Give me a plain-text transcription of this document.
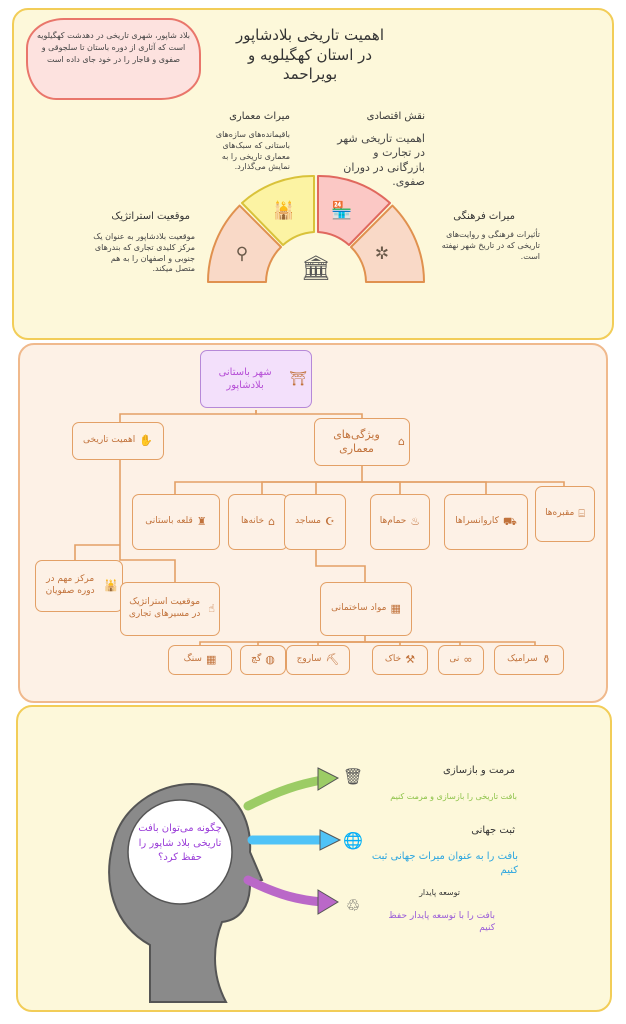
بلاد شاپور، شهری تاریخی در دهدشت کهگیلویه است که آثاری از دوره باستان تا سلجوقی و صفوی و قاجار را در خود جای داده است
اهمیت تاریخی بلادشاپور
در استان کهگیلویه و
بویراحمد
⚲
🕌 🏪
✲
🏛
موقعیت استراتژیک
موقعیت بلادشاپور به عنوان یک مرکز کلیدی تجاری که بندرهای جنوبی و اصفهان را به هم متصل میکند.
میراث معماری
باقیمانده‌های سازه‌های باستانی که سبک‌های معماری تاریخی را به نمایش می‌گذارد.
نقش اقتصادی
اهمیت تاریخی شهر در تجارت و بازرگانی در دوران صفوی.
میراث فرهنگی
تأثیرات فرهنگی و روایت‌های تاریخی که در تاریخ شهر نهفته است.
⛩
شهر باستانی بلادشاپور
✋
اهمیت تاریخی	⌂
ویژگی‌های معماری
♜
قلعه باستانی	⌂
خانه‌ها	☪
مساجد	♨
حمام‌ها	⛟
کاروانسراها
⌸
مقبره‌ها
🕌
مرکز مهم در دوره صفویان
☝
موقعیت استراتژیک در مسیرهای تجاری	▦
مواد ساختمانی
▦
سنگ	◍
گچ	⛏
ساروج	⚒
خاک	∞
نی	⚱
سرامیک
چگونه می‌توان بافت تاریخی بلاد شاپور را حفظ کرد؟
🗑
🌐
♲
مرمت و بازسازی
بافت تاریخی را بازسازی و مرمت کنیم
ثبت جهانی
بافت را به عنوان میراث جهانی ثبت کنیم
توسعه پایدار
بافت را با توسعه پایدار حفظ کنیم
